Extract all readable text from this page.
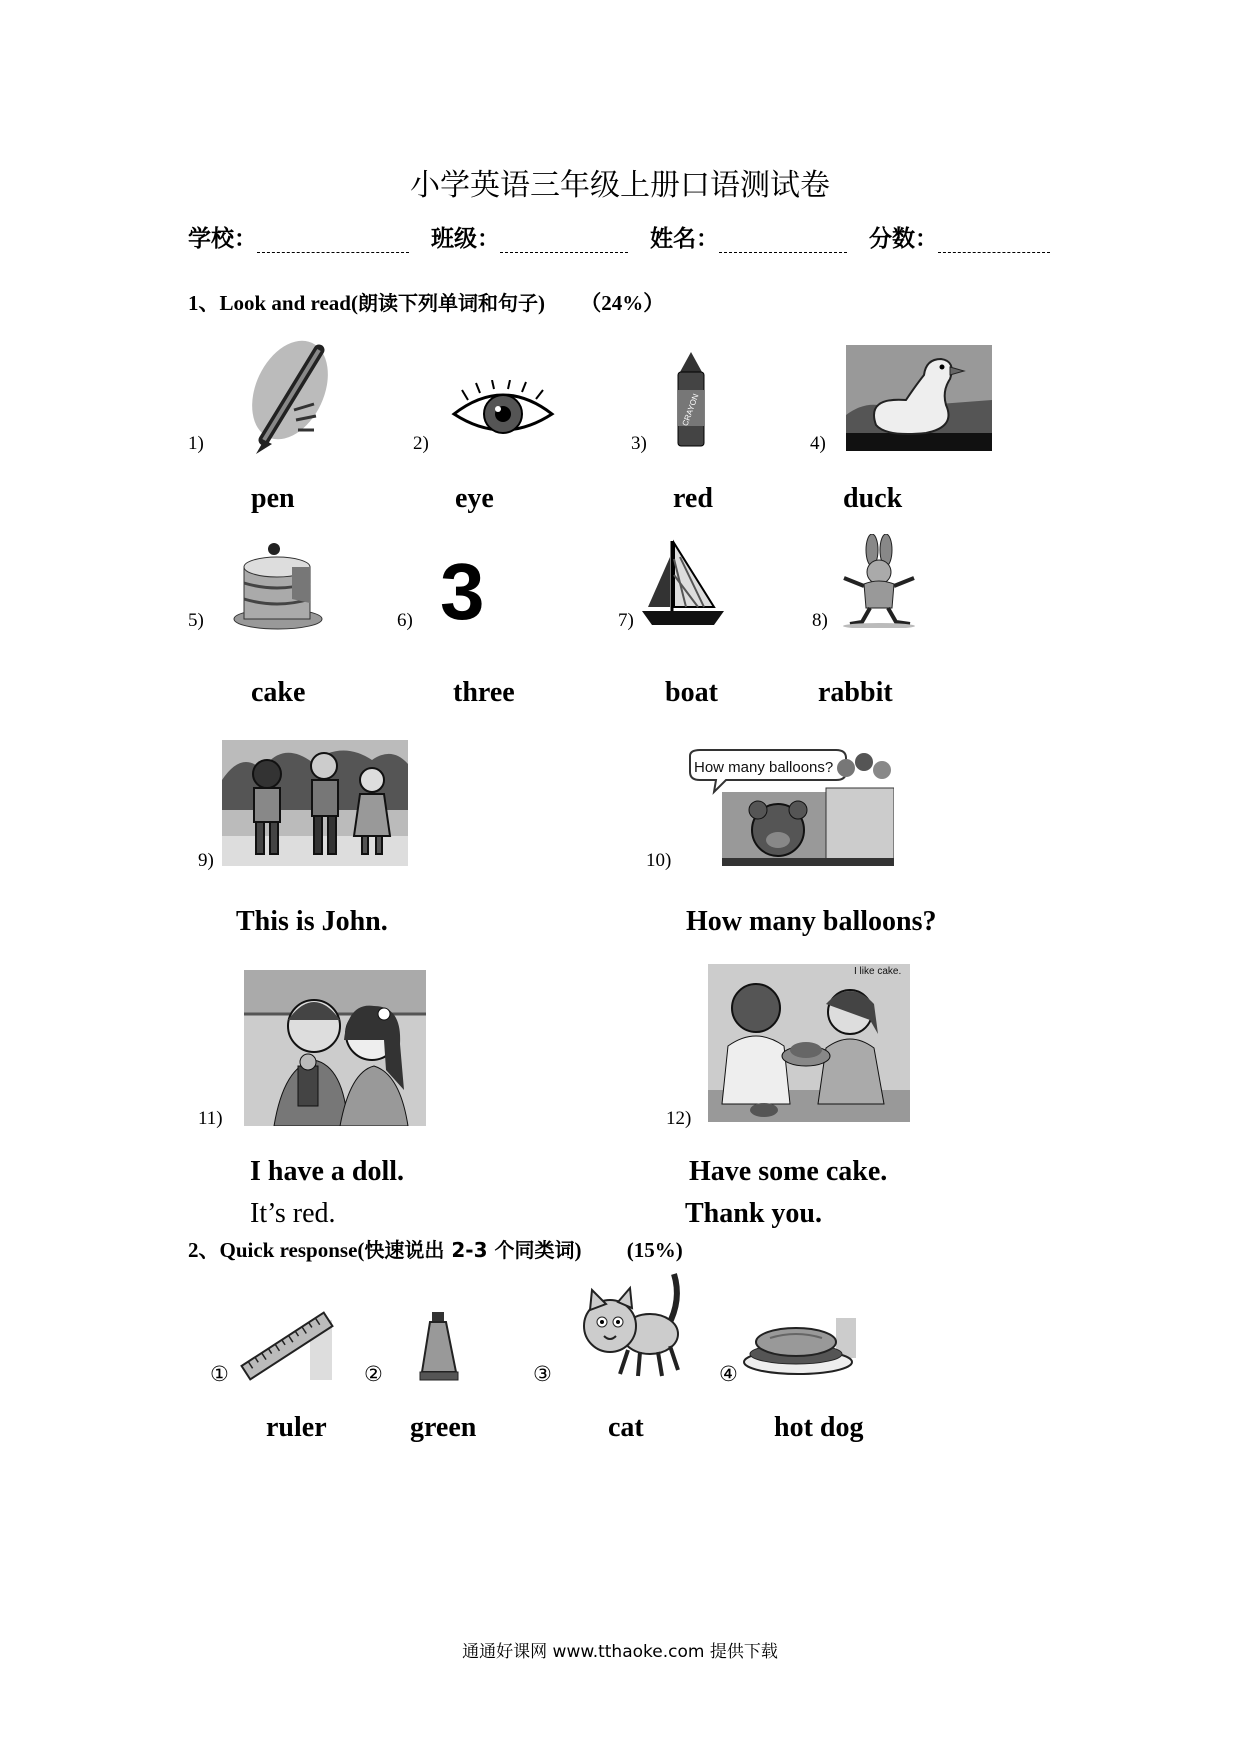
小学英语三年级上册口语测试卷
学校：	班级：	姓名：	分数：
1、Look and read(朗读下列单词和句子) （24%）
CRAYON
1)	2)	3)	4)
pen	eye	red	duck
3
5)	6)	7)	8)
cake	three	boat	rabbit
9)
How many balloons?
10)
This is John.	How many balloons?
11)
I like cake.
12)
I have a doll.
It’s red.
Have some cake.
Thank you.
2、Quick response(快速说出 2-3 个同类词) (15%)
①	②	③	④
ruler	green	cat	hot dog
通通好课网 www.tthaoke.com 提供下载
